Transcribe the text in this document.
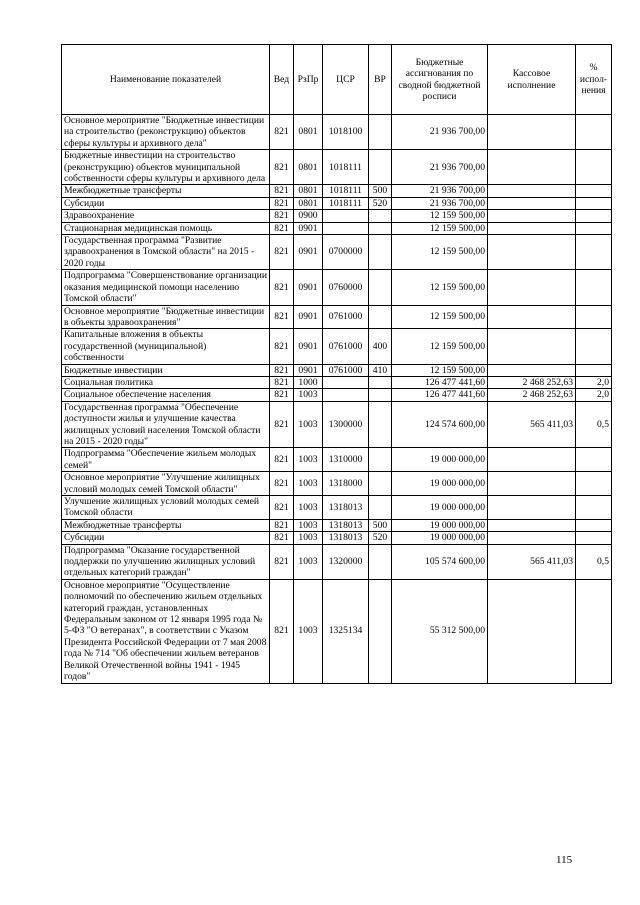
Наименование показателей	Вед	РзПр	ЦСР	ВР	Бюджетные ассигнования по сводной бюджетной росписи	Кассовое исполнение	% испол-нения
Основное мероприятие "Бюджетные инвестиции на строительство (реконструкцию) объектов сферы культуры и архивного дела"	821	0801	1018100		21 936 700,00		
Бюджетные инвестиции на строительство (реконструкцию) объектов муниципальной собственности сферы культуры и архивного дела	821	0801	1018111		21 936 700,00		
Межбюджетные трансферты	821	0801	1018111	500	21 936 700,00		
Субсидии	821	0801	1018111	520	21 936 700,00		
Здравоохранение	821	0900			12 159 500,00		
Стационарная медицинская помощь	821	0901			12 159 500,00		
Государственная программа "Развитие здравоохранения в Томской области" на 2015 - 2020 годы	821	0901	0700000		12 159 500,00		
Подпрограмма "Совершенствование организации оказания медицинской помощи населению Томской области"	821	0901	0760000		12 159 500,00		
Основное мероприятие "Бюджетные инвестиции в объекты здравоохранения"	821	0901	0761000		12 159 500,00		
Капитальные вложения в объекты государственной (муниципальной) собственности	821	0901	0761000	400	12 159 500,00		
Бюджетные инвестиции	821	0901	0761000	410	12 159 500,00		
Социальная политика	821	1000			126 477 441,60	2 468 252,63	2,0
Социальное обеспечение населения	821	1003			126 477 441,60	2 468 252,63	2,0
Государственная программа "Обеспечение доступности жилья и улучшение качества жилищных условий населения Томской области на 2015 - 2020 годы"	821	1003	1300000		124 574 600,00	565 411,03	0,5
Подпрограмма "Обеспечение жильем молодых семей"	821	1003	1310000		19 000 000,00		
Основное мероприятие "Улучшение жилищных условий молодых семей Томской области"	821	1003	1318000		19 000 000,00		
Улучшение жилищных условий молодых семей Томской области	821	1003	1318013		19 000 000,00		
Межбюджетные трансферты	821	1003	1318013	500	19 000 000,00		
Субсидии	821	1003	1318013	520	19 000 000,00		
Подпрограмма "Оказание государственной поддержки по улучшению жилищных условий отдельных категорий граждан"	821	1003	1320000		105 574 600,00	565 411,03	0,5
Основное мероприятие "Осуществление полномочий по обеспечению жильем отдельных категорий граждан, установленных Федеральным законом от 12 января 1995 года № 5-ФЗ "О ветеранах", в соответствии с Указом Президента Российской Федерации от 7 мая 2008 года № 714 "Об обеспечении жильем ветеранов Великой Отечественной войны 1941 - 1945 годов"	821	1003	1325134		55 312 500,00		
115
